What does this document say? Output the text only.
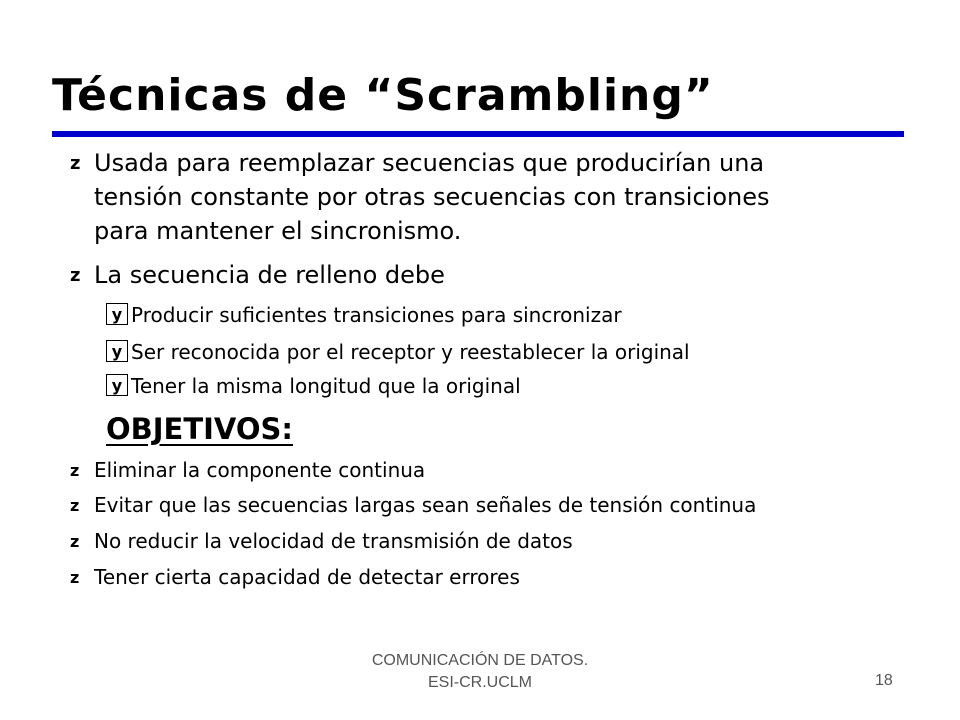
Técnicas de “Scrambling”
z Usada para reemplazar secuencias que producirían una
tensión constante por otras secuencias con transiciones
para mantener el sincronismo.
z La secuencia de relleno debe
y Producir suficientes transiciones para sincronizar
y Ser reconocida por el receptor y reestablecer la original
y Tener la misma longitud que la original
OBJETIVOS:
z Eliminar la componente continua
z Evitar que las secuencias largas sean señales de tensión continua
z No reducir la velocidad de transmisión de datos
z Tener cierta capacidad de detectar errores
COMUNICACIÓN DE DATOS.
ESI-CR.UCLM	18
